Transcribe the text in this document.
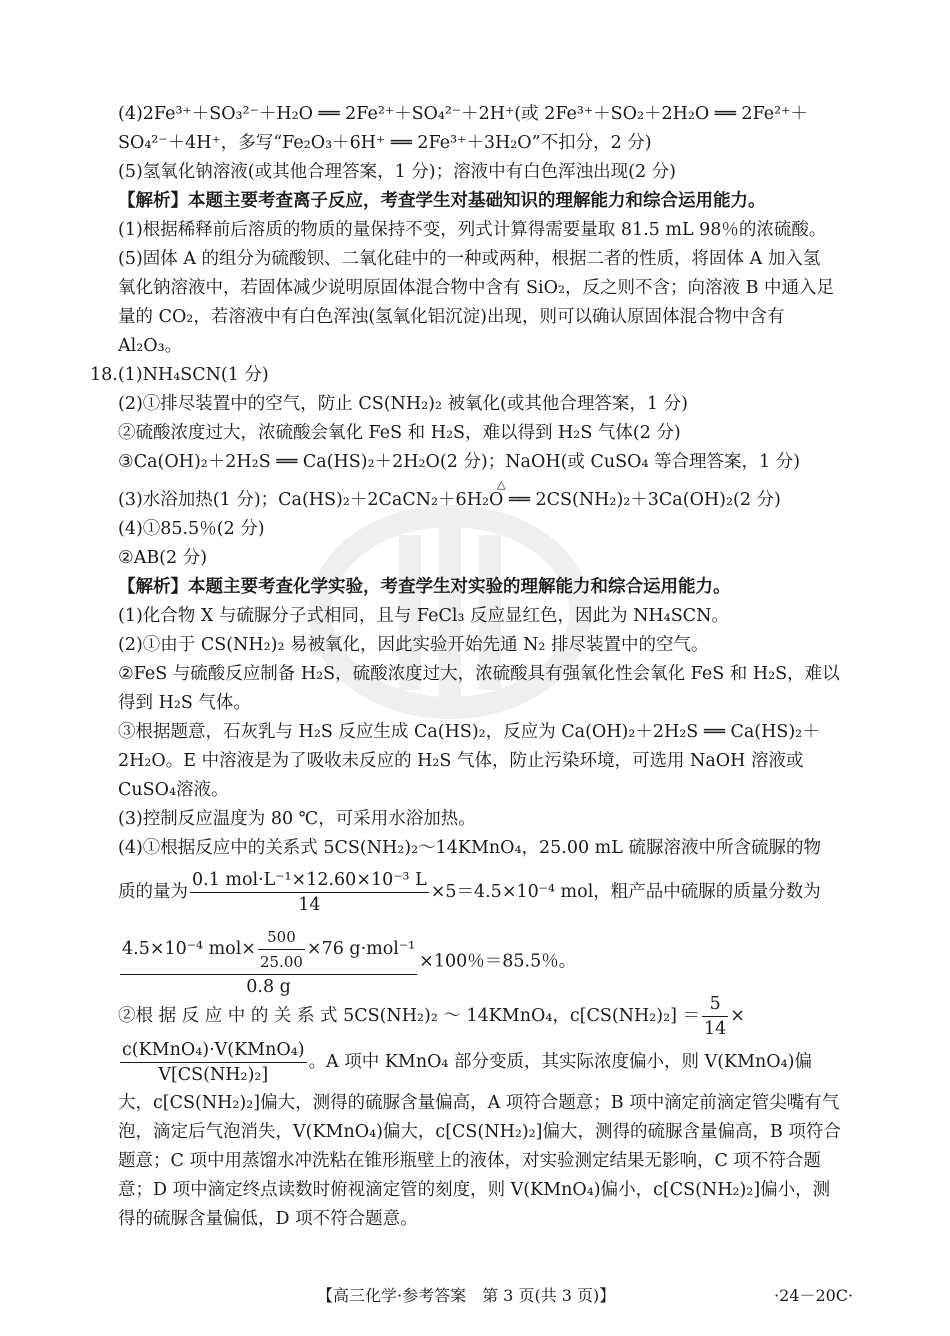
(4)2Fe³⁺＋SO₃²⁻＋H₂O ══ 2Fe²⁺＋SO₄²⁻＋2H⁺(或 2Fe³⁺＋SO₂＋2H₂O ══ 2Fe²⁺＋
SO₄²⁻＋4H⁺，多写“Fe₂O₃＋6H⁺ ══ 2Fe³⁺＋3H₂O”不扣分，2 分)
(5)氢氧化钠溶液(或其他合理答案，1 分)；溶液中有白色浑浊出现(2 分)
【解析】本题主要考查离子反应，考查学生对基础知识的理解能力和综合运用能力。
(1)根据稀释前后溶质的物质的量保持不变，列式计算得需要量取 81.5 mL 98％的浓硫酸。
(5)固体 A 的组分为硫酸钡、二氧化硅中的一种或两种，根据二者的性质，将固体 A 加入氢
氧化钠溶液中，若固体减少说明原固体混合物中含有 SiO₂，反之则不含；向溶液 B 中通入足
量的 CO₂，若溶液中有白色浑浊(氢氧化铝沉淀)出现，则可以确认原固体混合物中含有
Al₂O₃。
18.(1)NH₄SCN(1 分)
(2)①排尽装置中的空气，防止 CS(NH₂)₂ 被氧化(或其他合理答案，1 分)
②硫酸浓度过大，浓硫酸会氧化 FeS 和 H₂S，难以得到 H₂S 气体(2 分)
③Ca(OH)₂＋2H₂S ══ Ca(HS)₂＋2H₂O(2 分)；NaOH(或 CuSO₄ 等合理答案，1 分)
(3)水浴加热(1 分)；Ca(HS)₂＋2CaCN₂＋6H₂O ══ 2CS(NH₂)₂＋3Ca(OH)₂(2 分)
(4)①85.5％(2 分)
②AB(2 分)
【解析】本题主要考查化学实验，考查学生对实验的理解能力和综合运用能力。
(1)化合物 X 与硫脲分子式相同，且与 FeCl₃ 反应显红色，因此为 NH₄SCN。
(2)①由于 CS(NH₂)₂ 易被氧化，因此实验开始先通 N₂ 排尽装置中的空气。
②FeS 与硫酸反应制备 H₂S，硫酸浓度过大，浓硫酸具有强氧化性会氧化 FeS 和 H₂S，难以
得到 H₂S 气体。
③根据题意，石灰乳与 H₂S 反应生成 Ca(HS)₂，反应为 Ca(OH)₂＋2H₂S ══ Ca(HS)₂＋
2H₂O。E 中溶液是为了吸收未反应的 H₂S 气体，防止污染环境，可选用 NaOH 溶液或
CuSO₄溶液。
(3)控制反应温度为 80 ℃，可采用水浴加热。
(4)①根据反应中的关系式 5CS(NH₂)₂～14KMnO₄，25.00 mL 硫脲溶液中所含硫脲的物
质的量为 $\frac{\text{0.1 mol·L⁻¹×12.60×10⁻³ L}}{14} \times 5=4.5\times 10^{-4}$ mol，粗产品中硫脲的质量分数为
$\frac{4.5\times 10^{-4} mol\times \frac{500}{25.00} \times 76 g\cdot mol^{-1}}{0.8 g} \times 100$％＝85.5％。
②根 据 反 应 中 的 关 系 式 5CS(NH₂)₂ ～ 14KMnO₄，$c[CS(NH_2)_2] = \frac{5}{14}$ ×
$\frac{\text{c(KMnO₄)·V(KMnO₄)}}{\text{V[CS(NH₂)₂]}}$ 。A 项中 KMnO₄ 部分变质，其实际浓度偏小，则 V(KMnO₄)偏
大，c[CS(NH₂)₂]偏大，测得的硫脲含量偏高，A 项符合题意；B 项中滴定前滴定管尖嘴有气
泡，滴定后气泡消失，V(KMnO₄)偏大，c[CS(NH₂)₂]偏大，测得的硫脲含量偏高，B 项符合
题意；C 项中用蒸馏水冲洗粘在锥形瓶壁上的液体，对实验测定结果无影响，C 项不符合题
意；D 项中滴定终点读数时俯视滴定管的刻度，则 V(KMnO₄)偏小，c[CS(NH₂)₂]偏小，测
得的硫脲含量偏低，D 项不符合题意。
△
【高三化学·参考答案　第 3 页(共 3 页)】	·24－20C·
